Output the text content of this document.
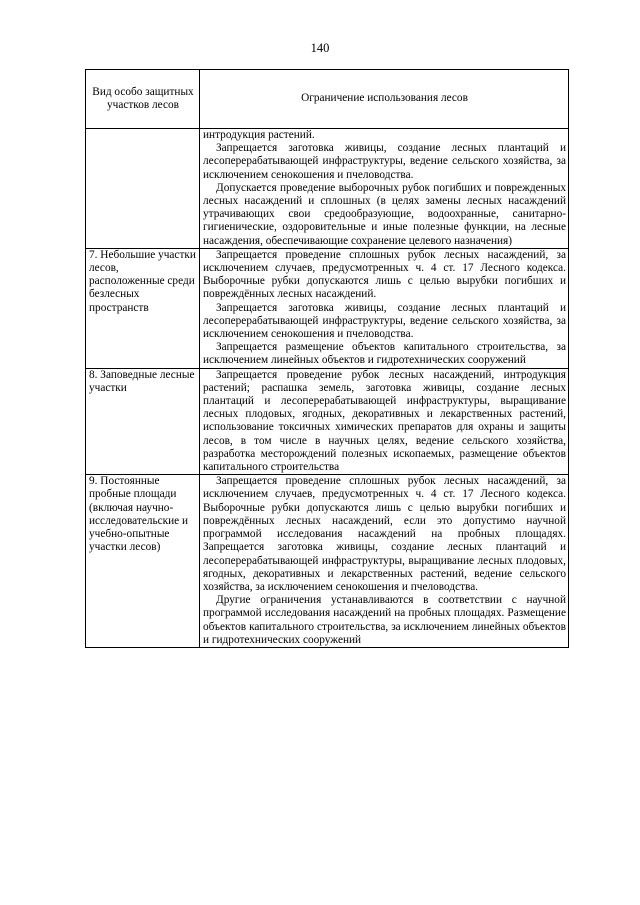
140
Вид особо защитных участков лесов	Ограничение использования лесов

	интродукция растений.

Запрещается заготовка живицы, создание лесных плантаций и лесоперерабатывающей инфраструктуры, ведение сельского хозяйства, за исключением сенокошения и пчеловодства.

Допускается проведение выборочных рубок погибших и поврежденных лесных насаждений и сплошных (в целях замены лесных насаждений утрачивающих свои средообразующие, водоохранные, санитарно-гигиенические, оздоровительные и иные полезные функции, на лесные насаждения, обеспечивающие сохранение целевого назначения)

7. Небольшие участки лесов, расположенные среди безлесных пространств	Запрещается проведение сплошных рубок лесных насаждений, за исключением случаев, предусмотренных ч. 4 ст. 17 Лесного кодекса. Выборочные рубки допускаются лишь с целью вырубки погибших и повреждённых лесных насаждений.

Запрещается заготовка живицы, создание лесных плантаций и лесоперерабатывающей инфраструктуры, ведение сельского хозяйства, за исключением сенокошения и пчеловодства.

Запрещается размещение объектов капитального строительства, за исключением линейных объектов и гидротехнических сооружений

8. Заповедные лесные участки	Запрещается проведение рубок лесных насаждений, интродукция растений; распашка земель, заготовка живицы, создание лесных плантаций и лесоперерабатывающей инфраструктуры, выращивание лесных плодовых, ягодных, декоративных и лекарственных растений, использование токсичных химических препаратов для охраны и защиты лесов, в том числе в научных целях, ведение сельского хозяйства, разработка месторождений полезных ископаемых, размещение объектов капитального строительства

9. Постоянные пробные площади (включая научно-исследовательские и учебно-опытные участки лесов)	Запрещается проведение сплошных рубок лесных насаждений, за исключением случаев, предусмотренных ч. 4 ст. 17 Лесного кодекса. Выборочные рубки допускаются лишь с целью вырубки погибших и повреждённых лесных насаждений, если это допустимо научной программой исследования насаждений на пробных площадях. Запрещается заготовка живицы, создание лесных плантаций и лесоперерабатывающей инфраструктуры, выращивание лесных плодовых, ягодных, декоративных и лекарственных растений, ведение сельского хозяйства, за исключением сенокошения и пчеловодства.

Другие ограничения устанавливаются в соответствии с научной программой исследования насаждений на пробных площадях. Размещение объектов капитального строительства, за исключением линейных объектов и гидротехнических сооружений
